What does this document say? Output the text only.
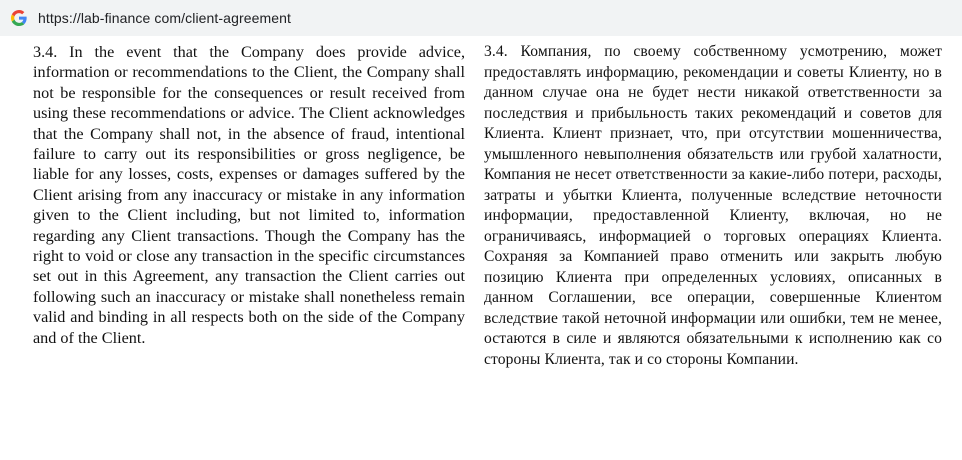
https://lab-finance com/client-agreement
3.4. In the event that the Company does provide advice, information or recommendations to the Client, the Company shall not be responsible for the consequences or result received from using these recommendations or advice. The Client acknowledges that the Company shall not, in the absence of fraud, intentional failure to carry out its responsibilities or gross negligence, be liable for any losses, costs, expenses or damages suffered by the Client arising from any inaccuracy or mistake in any information given to the Client including, but not limited to, information regarding any Client transactions. Though the Company has the right to void or close any transaction in the specific circumstances set out in this Agreement, any transaction the Client carries out following such an inaccuracy or mistake shall nonetheless remain valid and binding in all respects both on the side of the Company and of the Client.
3.4. Компания, по своему собственному усмотрению, может предоставлять информацию, рекомендации и советы Клиенту, но в данном случае она не будет нести никакой ответственности за последствия и прибыльность таких рекомендаций и советов для Клиента. Клиент признает, что, при отсутствии мошенничества, умышленного невыполнения обязательств или грубой халатности, Компания не несет ответственности за какие-либо потери, расходы, затраты и убытки Клиента, полученные вследствие неточности информации, предоставленной Клиенту, включая, но не ограничиваясь, информацией о торговых операциях Клиента. Сохраняя за Компанией право отменить или закрыть любую позицию Клиента при определенных условиях, описанных в данном Соглашении, все операции, совершенные Клиентом вследствие такой неточной информации или ошибки, тем не менее, остаются в силе и являются обязательными к исполнению как со стороны Клиента, так и со стороны Компании.
